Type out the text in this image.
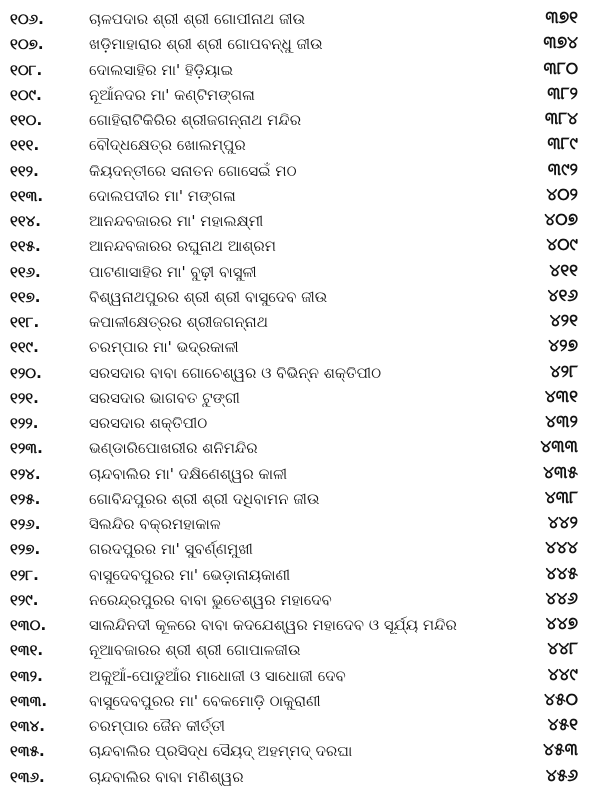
୧୦୬.	ଚାଳପଦାର ଶ୍ରୀ ଶ୍ରୀ ଗୋପୀନାଥ ଜୀଉ	୩୭୧
୧୦୭.	ଖଡ଼ିମାହାରାର ଶ୍ରୀ ଶ୍ରୀ ଗୋପବନ୍ଧୁ ଜୀଉ	୩୭୪
୧୦୮.	ଦୋଲସାହିର ମା' ହିଡ଼ିୟାଇ	୩୮୦
୧୦୯.	ନୂଆଁନଦର ମା' କଣ୍ଟିମଙ୍ଗଳା	୩୮୨
୧୧୦.	ଗୋହିରାଟିକିରିର ଶ୍ରୀଜଗନ୍ନାଥ ମନ୍ଦିର	୩୮୪
୧୧୧.	ବୌଦ୍ଧକ୍ଷେତ୍ର ଖୋଲମ୍ପୁର	୩୮୯
୧୧୨.	କିୟଦନ୍ତୀରେ ସନାତନ ଗୋସେଇଁ ମଠ	୩୯୨
୧୧୩.	ଦୋଲପଦୀର ମା' ମଙ୍ଗଳା	୪୦୨
୧୧୪.	ଆନନ୍ଦବଜାରର ମା' ମହାଲକ୍ଷ୍ମୀ	୪୦୭
୧୧୫.	ଆନନ୍ଦବଜାରର ରଘୁନାଥ ଆଶ୍ରମ	୪୦୯
୧୧୬.	ପାଟଣାସାହିର ମା' ବୁଢ଼ୀ ବାସୁଳୀ	୪୧୧
୧୧୭.	ବିଶ୍ୱନାଥପୁରର ଶ୍ରୀ ଶ୍ରୀ ବାସୁଦେବ ଜୀଉ	୪୧୬
୧୧୮.	କପାଳୀକ୍ଷେତ୍ରର ଶ୍ରୀଜଗନ୍ନାଥ	୪୨୧
୧୧୯.	ଚରମ୍ପାର ମା' ଭଦ୍ରକାଳୀ	୪୨୭
୧୨୦.	ସରସଦାର ବାବା ଗୋଚେଶ୍ୱର ଓ ବିଭିନ୍ନ ଶକ୍ତିପୀଠ	୪୨୮
୧୨୧.	ସରସଦାର ଭାଗବତ ଟୁଙ୍ଗୀ	୪୩୧
୧୨୨.	ସରସଦାର ଶକ୍ତିପୀଠ	୪୩୨
୧୨୩.	ଭଣ୍ଡାରିପୋଖରୀର ଶନିମନ୍ଦିର	୪୩୩
୧୨୪.	ଚାନ୍ଦବାଲିର ମା' ଦକ୍ଷିଣେଶ୍ୱର କାଳୀ	୪୩୫
୧୨୫.	ଗୋବିନ୍ଦପୁରର ଶ୍ରୀ ଶ୍ରୀ ଦଧିବାମନ ଜୀଉ	୪୩୮
୧୨୬.	ସିଲନ୍ଦିର ବକ୍ରମହାକାଳ	୪୪୨
୧୨୭.	ଗରଦପୁରର ମା' ସୁବର୍ଣ୍ଣମୁଖୀ	୪୪୪
୧୨୮.	ବାସୁଦେବପୁରର ମା' ଭେଡ଼ାନାୟକାଣୀ	୪୪୫
୧୨୯.	ନରେନ୍ଦ୍ରପୁରର ବାବା ଭୁତେଶ୍ୱର ମହାଦେବ	୪୪୬
୧୩୦.	ସାଲନ୍ଦିନଦୀ କୂଳରେ ବାବା କଦଯେଶ୍ୱର ମହାଦେବ ଓ ସୂର୍ଯ୍ୟ ମନ୍ଦିର	୪୪୭
୧୩୧.	ନୂଆବଜାରର ଶ୍ରୀ ଶ୍ରୀ ଗୋପାଳଜୀଉ	୪୪୮
୧୩୨.	ଅକୁଆଁ-ପୋଡୁଆଁର ମାଧୋଜୀ ଓ ସାଧୋଜୀ ଦେବ	୪୪୯
୧୩୩.	ବାସୁଦେବପୁରର ମା' ବେକମୋଡ଼ି ଠାକୁରାଣୀ	୪୫୦
୧୩୪.	ଚରମ୍ପାର ଜୈନ କୀର୍ତ୍ତୀ	୪୫୧
୧୩୫.	ଚାନ୍ଦବାଲିର ପ୍ରସିଦ୍ଧ ସୈୟଦ୍ ଅହମ୍ମଦ୍ ଦରଘା	୪୫୩
୧୩୬.	ଚାନ୍ଦବାଲିର ବାବା ମଣିଶ୍ୱର	୪୫୬
